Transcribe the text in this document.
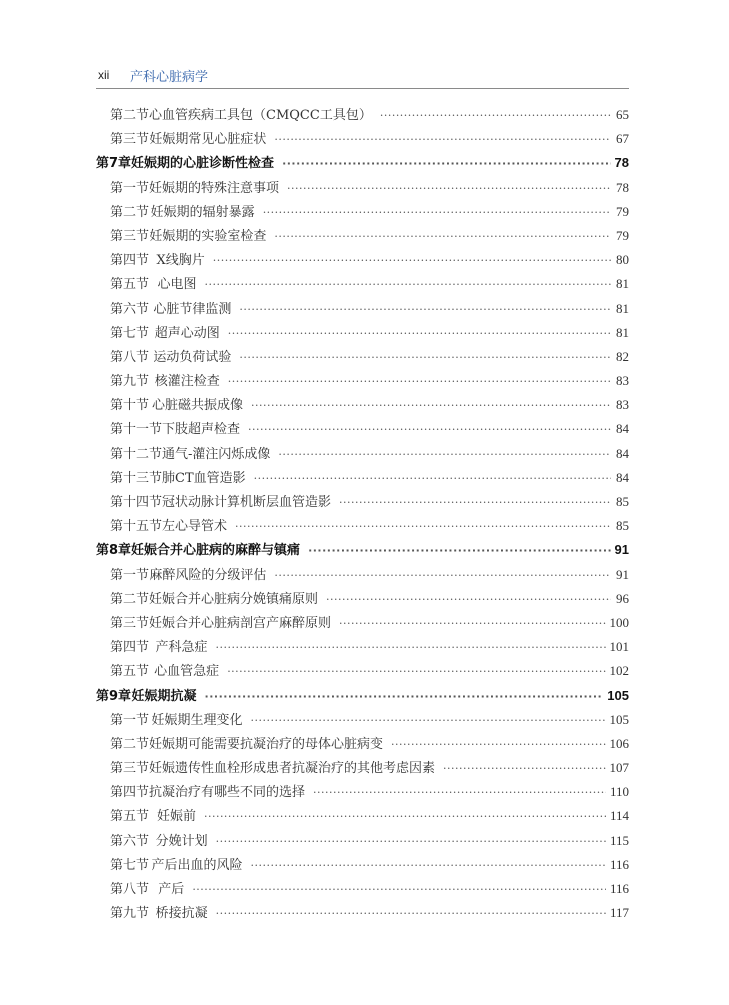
xii 产科心脏病学
第二节 心血管疾病工具包（CMQCC工具包） ·····	65
第三节 妊娠期常见心脏症状 ·····	67
第7章 妊娠期的心脏诊断性检查 ·····	78
第一节 妊娠期的特殊注意事项 ·····	78
第二节 妊娠期的辐射暴露 ·····	79
第三节 妊娠期的实验室检查 ·····	79
第四节 X线胸片 ·····	80
第五节 心电图 ·····	81
第六节 心脏节律监测 ·····	81
第七节 超声心动图 ·····	81
第八节 运动负荷试验 ·····	82
第九节 核灌注检查 ·····	83
第十节 心脏磁共振成像 ·····	83
第十一节 下肢超声检查 ·····	84
第十二节 通气-灌注闪烁成像 ·····	84
第十三节 肺CT血管造影 ·····	84
第十四节 冠状动脉计算机断层血管造影 ·····	85
第十五节 左心导管术 ·····	85
第8章 妊娠合并心脏病的麻醉与镇痛 ·····	91
第一节 麻醉风险的分级评估 ·····	91
第二节 妊娠合并心脏病分娩镇痛原则 ·····	96
第三节 妊娠合并心脏病剖宫产麻醉原则 ·····	100
第四节 产科急症 ·····	101
第五节 心血管急症 ·····	102
第9章 妊娠期抗凝 ·····	105
第一节 妊娠期生理变化 ·····	105
第二节 妊娠期可能需要抗凝治疗的母体心脏病变 ·····	106
第三节 妊娠遗传性血栓形成患者抗凝治疗的其他考虑因素 ·····	107
第四节 抗凝治疗有哪些不同的选择 ·····	110
第五节 妊娠前 ·····	114
第六节 分娩计划 ·····	115
第七节 产后出血的风险 ·····	116
第八节 产后 ·····	116
第九节 桥接抗凝 ·····	117
